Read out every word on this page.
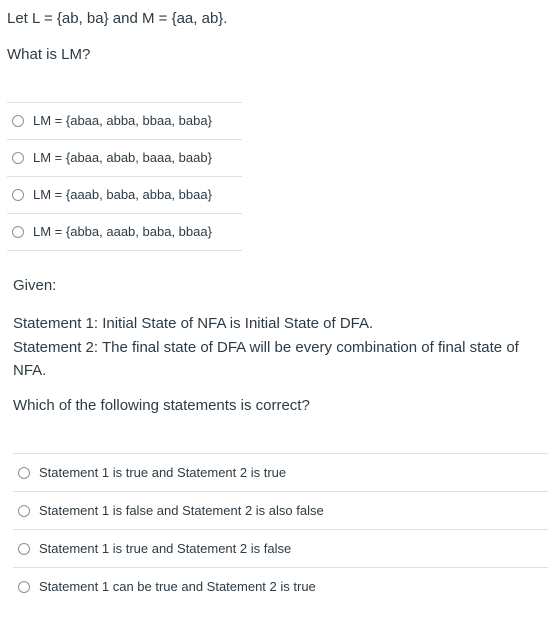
Let L = {ab, ba} and M = {aa, ab}.
What is LM?
LM = {abaa, abba, bbaa, baba}
LM = {abaa, abab, baaa, baab}
LM = {aaab, baba, abba, bbaa}
LM = {abba, aaab, baba, bbaa}
Given:
Statement 1: Initial State of NFA is Initial State of DFA.
Statement 2: The final state of DFA will be every combination of final state of NFA.
Which of the following statements is correct?
Statement 1 is true and Statement 2 is true
Statement 1 is false and Statement 2 is also false
Statement 1 is true and Statement 2 is false
Statement 1 can be true and Statement 2 is true
